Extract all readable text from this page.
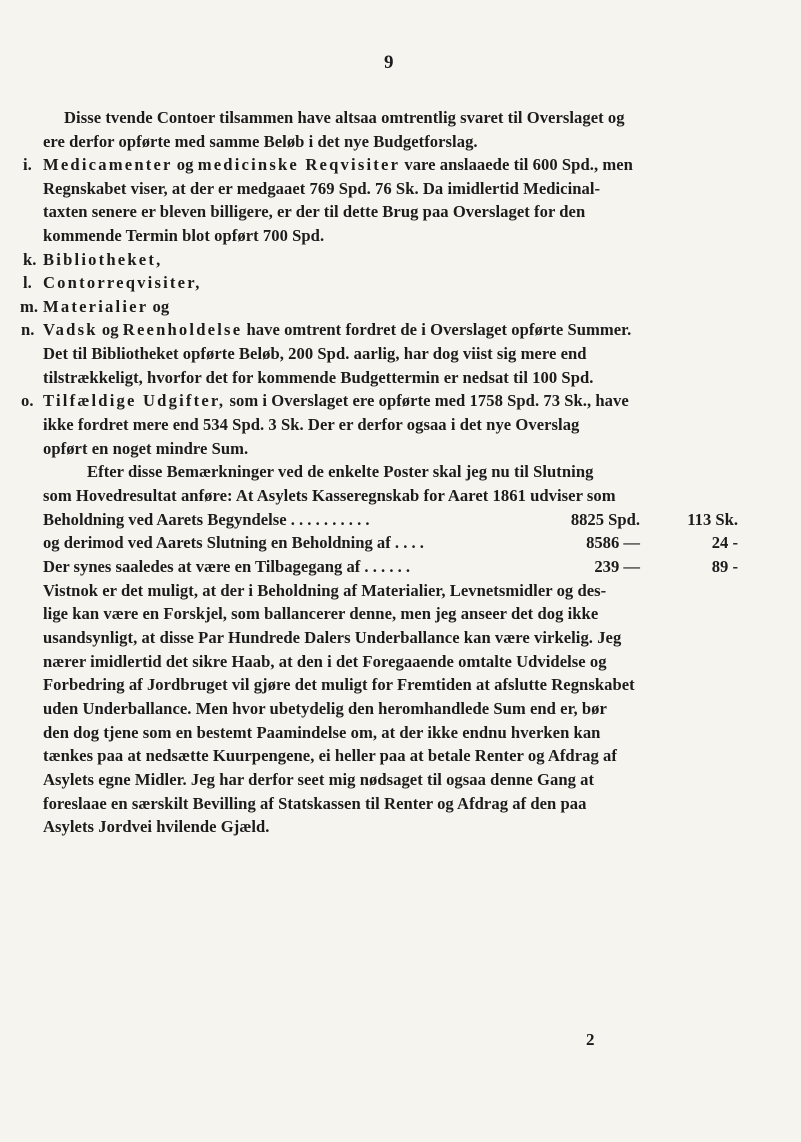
9
Disse tvende Contoer tilsammen have altsaa omtrentlig svaret til Overslaget og
ere derfor opførte med samme Beløb i det nye Budgetforslag.
i. Medicamenter og medicinske Reqvisiter vare anslaaede til 600 Spd., men
Regnskabet viser, at der er medgaaet 769 Spd. 76 Sk. Da imidlertid Medicinal-
taxten senere er bleven billigere, er der til dette Brug paa Overslaget for den
kommende Termin blot opført 700 Spd.
k. Bibliotheket,
l. Contorreqvisiter,
m. Materialier og
n. Vadsk og Reenholdelse have omtrent fordret de i Overslaget opførte Summer.
Det til Bibliotheket opførte Beløb, 200 Spd. aarlig, har dog viist sig mere end
tilstrækkeligt, hvorfor det for kommende Budgettermin er nedsat til 100 Spd.
o. Tilfældige Udgifter, som i Overslaget ere opførte med 1758 Spd. 73 Sk., have
ikke fordret mere end 534 Spd. 3 Sk. Der er derfor ogsaa i det nye Overslag
opført en noget mindre Sum.
Efter disse Bemærkninger ved de enkelte Poster skal jeg nu til Slutning
som Hovedresultat anføre: At Asylets Kasseregnskab for Aaret 1861 udviser som
Beholdning ved Aarets Begyndelse . . . . . . . . . .	8825 Spd.	113 Sk.
og derimod ved Aarets Slutning en Beholdning af . . . .	8586 —	24 -
Der synes saaledes at være en Tilbagegang af . . . . . .	239 —	89 -
Vistnok er det muligt, at der i Beholdning af Materialier, Levnetsmidler og des-
lige kan være en Forskjel, som ballancerer denne, men jeg anseer det dog ikke
usandsynligt, at disse Par Hundrede Dalers Underballance kan være virkelig. Jeg
nærer imidlertid det sikre Haab, at den i det Foregaaende omtalte Udvidelse og
Forbedring af Jordbruget vil gjøre det muligt for Fremtiden at afslutte Regnskabet
uden Underballance. Men hvor ubetydelig den heromhandlede Sum end er, bør
den dog tjene som en bestemt Paamindelse om, at der ikke endnu hverken kan
tænkes paa at nedsætte Kuurpengene, ei heller paa at betale Renter og Afdrag af
Asylets egne Midler. Jeg har derfor seet mig nødsaget til ogsaa denne Gang at
foreslaae en særskilt Bevilling af Statskassen til Renter og Afdrag af den paa
Asylets Jordvei hvilende Gjæld.
2
